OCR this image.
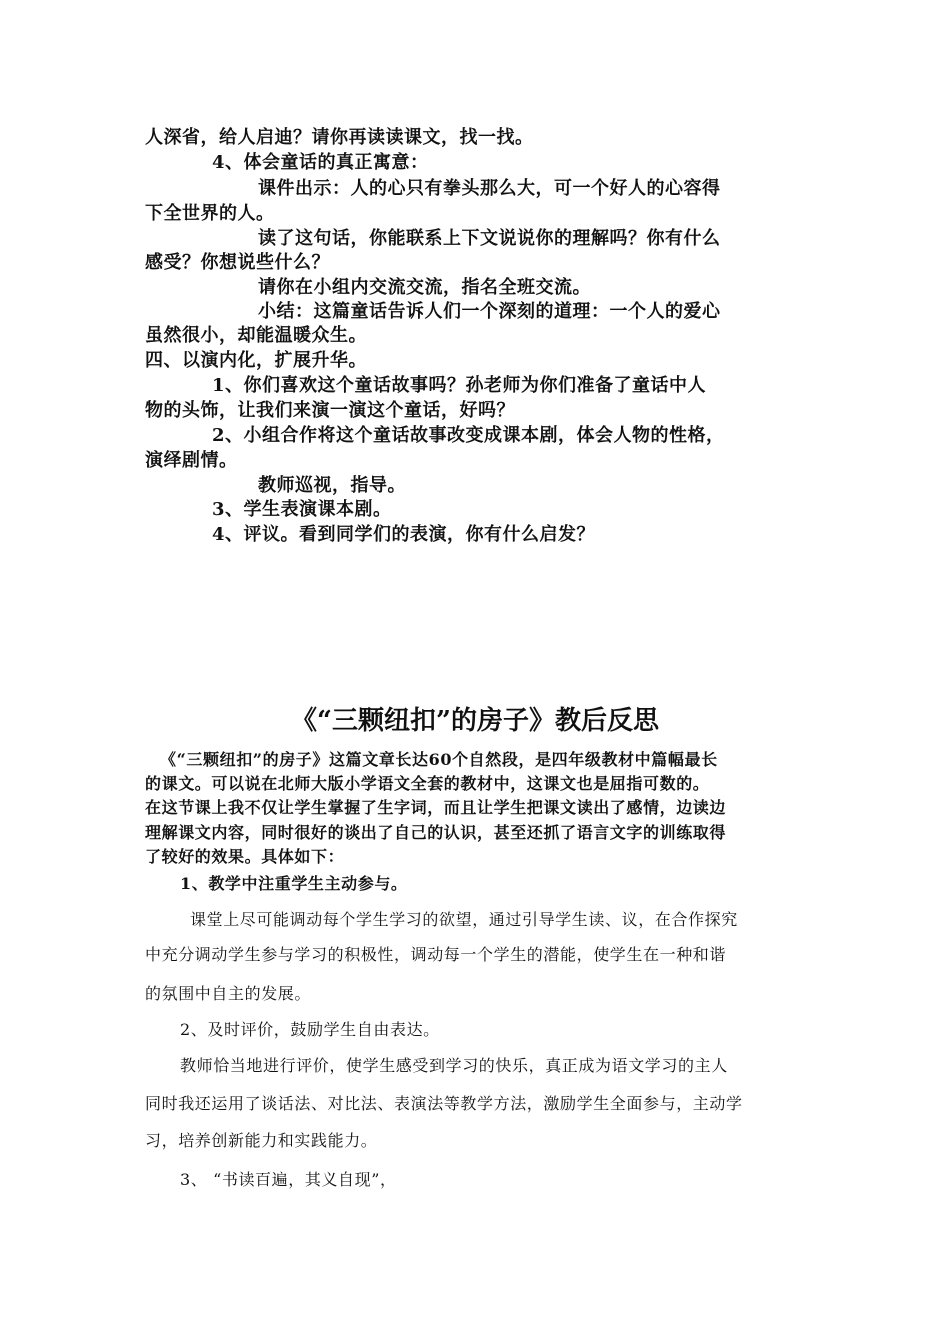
人深省，给人启迪？请你再读读课文，找一找。
4、体会童话的真正寓意：
课件出示：人的心只有拳头那么大，可一个好人的心容得
下全世界的人。
读了这句话，你能联系上下文说说你的理解吗？你有什么
感受？你想说些什么？
请你在小组内交流交流，指名全班交流。
小结：这篇童话告诉人们一个深刻的道理：一个人的爱心
虽然很小，却能温暖众生。
四、以演内化，扩展升华。
1、你们喜欢这个童话故事吗？孙老师为你们准备了童话中人
物的头饰，让我们来演一演这个童话，好吗？
2、小组合作将这个童话故事改变成课本剧，体会人物的性格，
演绎剧情。
教师巡视，指导。
3、学生表演课本剧。
4、评议。看到同学们的表演，你有什么启发？
《“三颗纽扣”的房子》教后反思
《“三颗纽扣”的房子》这篇文章长达60个自然段，是四年级教材中篇幅最长
的课文。可以说在北师大版小学语文全套的教材中，这课文也是屈指可数的。
在这节课上我不仅让学生掌握了生字词，而且让学生把课文读出了感情，边读边
理解课文内容，同时很好的谈出了自己的认识，甚至还抓了语言文字的训练取得
了较好的效果。具体如下：
1、教学中注重学生主动参与。
课堂上尽可能调动每个学生学习的欲望，通过引导学生读、议，在合作探究
中充分调动学生参与学习的积极性，调动每一个学生的潜能，使学生在一种和谐
的氛围中自主的发展。
2、及时评价，鼓励学生自由表达。
教师恰当地进行评价，使学生感受到学习的快乐，真正成为语文学习的主人
同时我还运用了谈话法、对比法、表演法等教学方法，激励学生全面参与，主动学
习，培养创新能力和实践能力。
3、 “书读百遍，其义自现”，
